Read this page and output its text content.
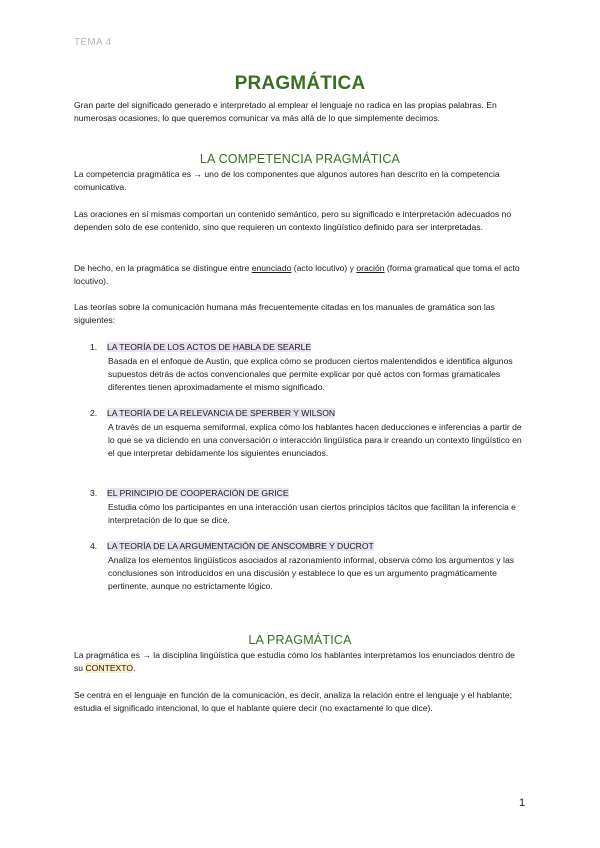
TEMA 4
PRAGMÁTICA
Gran parte del significado generado e interpretado al emplear el lenguaje no radica en las propias palabras. En numerosas ocasiones, lo que queremos comunicar va más allá de lo que simplemente decimos.
LA COMPETENCIA PRAGMÁTICA
La competencia pragmática es → uno de los componentes que algunos autores han descrito en la competencia comunicativa.
Las oraciones en sí mismas comportan un contenido semántico, pero su significado e interpretación adecuados no dependen solo de ese contenido, sino que requieren un contexto lingüístico definido para ser interpretadas.
De hecho, en la pragmática se distingue entre enunciado (acto locutivo) y oración (forma gramatical que toma el acto locutivo).
Las teorías sobre la comunicación humana más frecuentemente citadas en los manuales de gramática son las siguientes:
1. LA TEORÍA DE LOS ACTOS DE HABLA DE SEARLE
Basada en el enfoque de Austin, que explica cómo se producen ciertos malentendidos e identifica algunos supuestos detrás de actos convencionales que permite explicar por qué actos con formas gramaticales diferentes tienen aproximadamente el mismo significado.
2. LA TEORÍA DE LA RELEVANCIA DE SPERBER Y WILSON
A través de un esquema semiformal, explica cómo los hablantes hacen deducciones e inferencias a partir de lo que se va diciendo en una conversación o interacción lingüística para ir creando un contexto lingüístico en el que interpretar debidamente los siguientes enunciados.
3. EL PRINCIPIO DE COOPERACIÓN DE GRICE
Estudia cómo los participantes en una interacción usan ciertos principios tácitos que facilitan la inferencia e interpretación de lo que se dice.
4. LA TEORÍA DE LA ARGUMENTACIÓN DE ANSCOMBRE Y DUCROT
Analiza los elementos lingüísticos asociados al razonamiento informal, observa cómo los argumentos y las conclusiones son introducidos en una discusión y establece lo que es un argumento pragmáticamente pertinente, aunque no estrictamente lógico.
LA PRAGMÁTICA
La pragmática es → la disciplina lingüística que estudia cómo los hablantes interpretamos los enunciados dentro de su CONTEXTO.
Se centra en el lenguaje en función de la comunicación, es decir, analiza la relación entre el lenguaje y el hablante; estudia el significado intencional, lo que el hablante quiere decir (no exactamente lo que dice).
1
